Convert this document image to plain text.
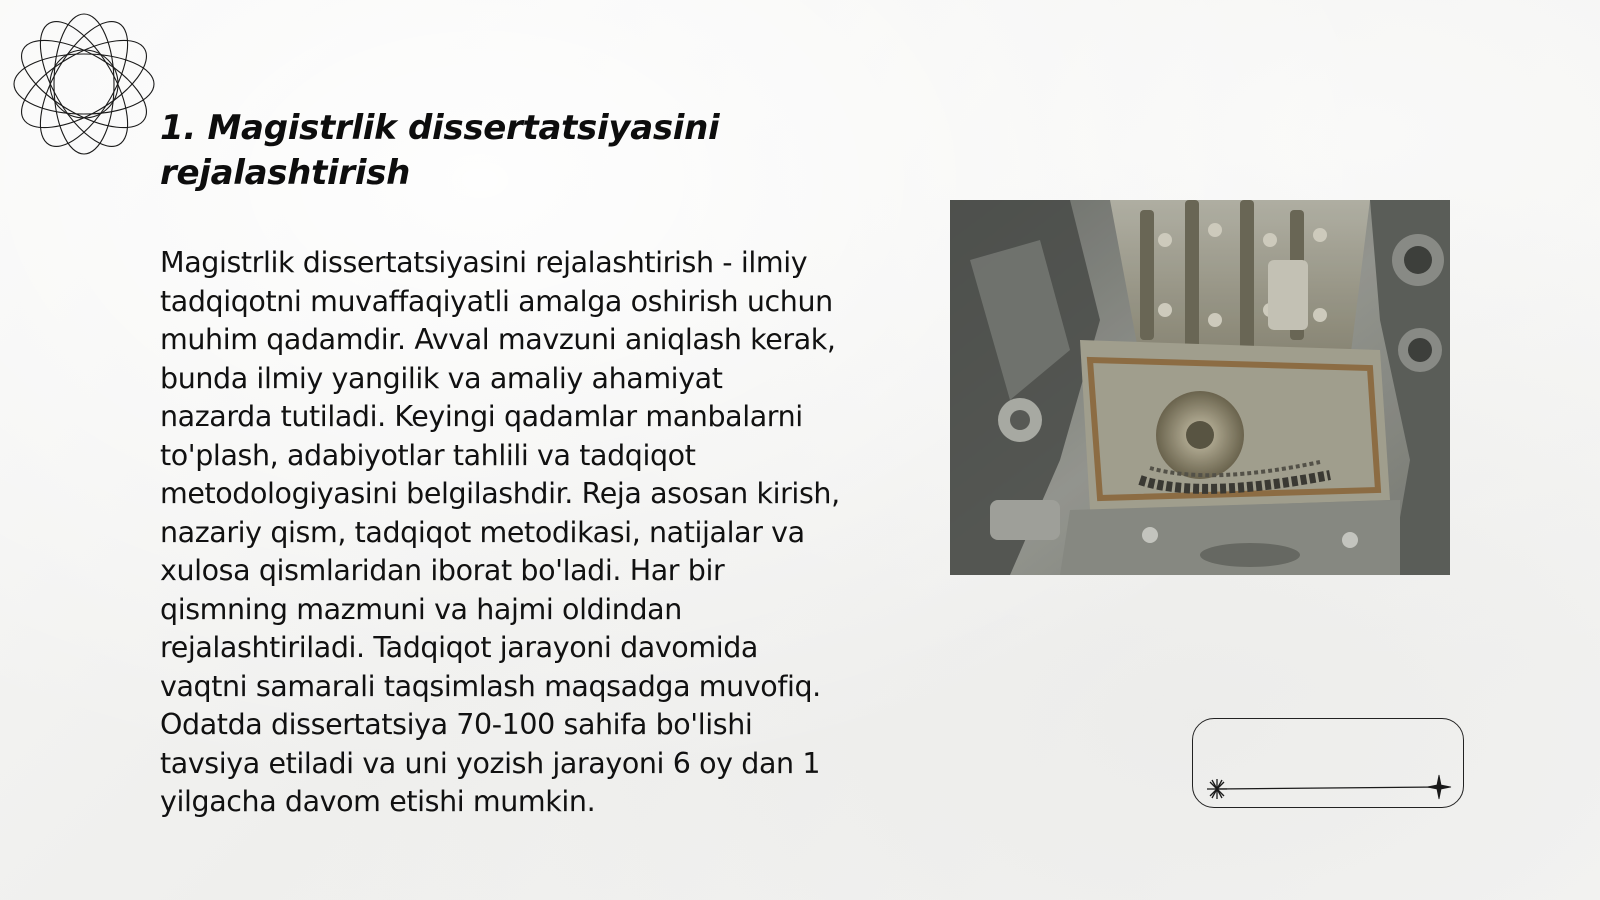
1. Magistrlik dissertatsiyasini rejalashtirish

Magistrlik dissertatsiyasini rejalashtirish - ilmiy tadqiqotni muvaffaqiyatli amalga oshirish uchun muhim qadamdir. Avval mavzuni aniqlash kerak, bunda ilmiy yangilik va amaliy ahamiyat nazarda tutiladi. Keyingi qadamlar manbalarni to'plash, adabiyotlar tahlili va tadqiqot metodologiyasini belgilashdir. Reja asosan kirish, nazariy qism, tadqiqot metodikasi, natijalar va xulosa qismlaridan iborat bo'ladi. Har bir qismning mazmuni va hajmi oldindan rejalashtiriladi. Tadqiqot jarayoni davomida vaqtni samarali taqsimlash maqsadga muvofiq. Odatda dissertatsiya 70-100 sahifa bo'lishi tavsiya etiladi va uni yozish jarayoni 6 oy dan 1 yilgacha davom etishi mumkin.
